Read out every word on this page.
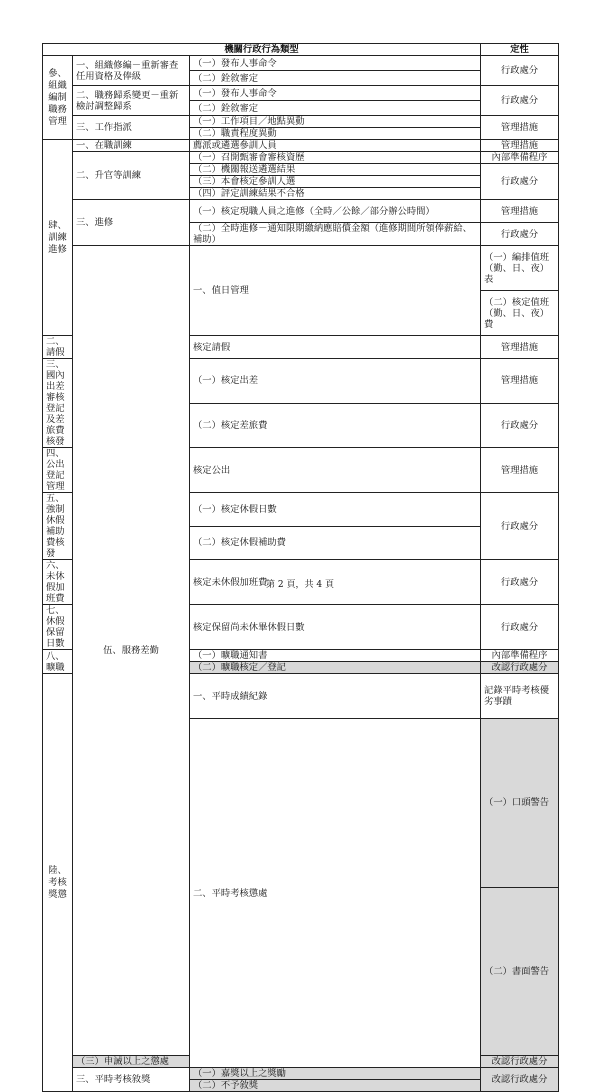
機關行政行為類型			定性	
參、組織編制職務管理	一、組織修編－重新審查任用資格及俸級	（一）發布人事命令	行政處分	
		（二）銓敘審定		
	二、職務歸系變更－重新檢討調整歸系	（一）發布人事命令	行政處分	
		（二）銓敘審定		
	三、工作指派	（一）工作項目／地點異動	管理措施	
		（二）職責程度異動		
肆、訓練進修	一、在職訓練	薦派或遴選參訓人員	管理措施	
	二、升官等訓練	（一）召開甄審會審核資歷	內部準備程序	
		（二）機關報送遴選結果	行政處分	
		（三）本會核定參訓人選		
		（四）評定訓練結果不合格		
	三、進修	（一）核定現職人員之進修（全時／公餘／部分辦公時間）	管理措施	
		（二）全時進修－通知限期繳納應賠償金額（進修期間所領俸薪給、補助）	行政處分	
	伍、服務差勤	一、值日管理	（一）編排值班（勤、日、夜）表	
			（二）核定值班（勤、日、夜）費	
二、請假		核定請假	管理措施	
三、國內出差審核登記及差旅費核發		（一）核定出差	管理措施	
		（二）核定差旅費	行政處分	
四、公出登記管理		核定公出	管理措施	
五、強制休假補助費核發		（一）核定休假日數	行政處分	
		（二）核定休假補助費		
六、未休假加班費		核定未休假加班費	行政處分	
七、休假保留日數		核定保留尚未休畢休假日數	行政處分	
八、曠職		（一）曠職通知書	內部準備程序	
		（二）曠職核定／登記	改認行政處分	
陸、考核獎懲		一、平時成績紀錄	記錄平時考核優劣事蹟	
		二、平時考核懲處	（一）口頭警告	
			（二）書面警告	
	（三）申誡以上之懲處		改認行政處分	
	三、平時考核敘獎	（一）嘉獎以上之獎勵	改認行政處分	
		（二）不予敘獎		
第 2 頁，共 4 頁
